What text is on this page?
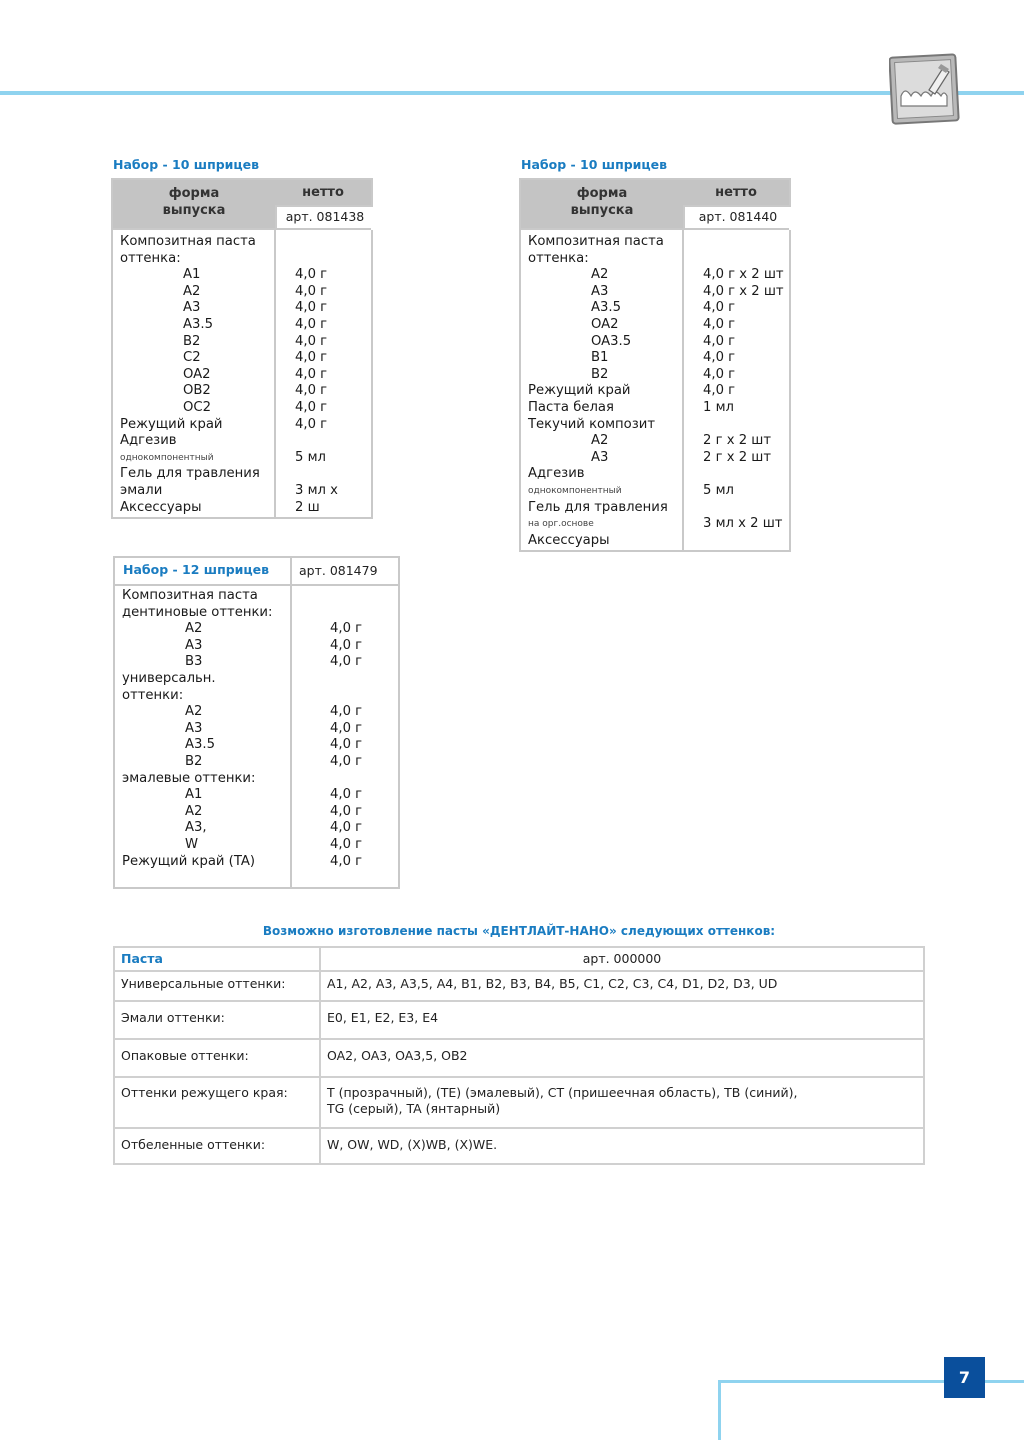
Набор - 10 шприцев
форма
выпуска
нетто
арт. 081438
Композитная паста
оттенка:
A1	4,0 г
A2	4,0 г
A3	4,0 г
A3.5	4,0 г
B2	4,0 г
C2	4,0 г
OA2	4,0 г
OB2	4,0 г
OC2	4,0 г
Режущий край	4,0 г
Адгезив
однокомпонентный	5 мл
Гель для травления
эмали	3 мл х
Аксессуары	2 ш
Набор - 10 шприцев
форма
выпуска
нетто
арт. 081440
Композитная паста
оттенка:
A2	4,0 г х 2 шт
A3	4,0 г х 2 шт
A3.5	4,0 г
OA2	4,0 г
OA3.5	4,0 г
B1	4,0 г
B2	4,0 г
Режущий край	4,0 г
Паста белая	1 мл
Текучий композит
A2	2 г х 2 шт
A3	2 г х 2 шт
Адгезив
однокомпонентный	5 мл
Гель для травления
на орг.основе	3 мл х 2 шт
Аксессуары
Набор - 12 шприцев арт. 081479
Композитная паста
дентиновые оттенки:
A2	4,0 г
A3	4,0 г
B3	4,0 г
универсальн.
оттенки:
A2	4,0 г
A3	4,0 г
A3.5	4,0 г
B2	4,0 г
эмалевые оттенки:
A1	4,0 г
A2	4,0 г
A3,	4,0 г
W	4,0 г
Режущий край (TA)	4,0 г
Возможно изготовление пасты «ДЕНТЛАЙТ-НАНО» следующих оттенков:
Паста	арт. 000000
Универсальные оттенки:	A1, A2, A3, A3,5, A4, B1, B2, B3, B4, B5, C1, C2, C3, C4, D1, D2, D3, UD
Эмали оттенки:	E0, E1, E2, E3, E4
Опаковые оттенки:	OA2, OA3, OA3,5, OB2
Оттенки режущего края:	T (прозрачный), (TE) (эмалевый), CT (пришеечная область), TB (синий),
TG (серый), TA (янтарный)

Отбеленные оттенки:	W, OW, WD, (X)WB, (X)WE.
7
